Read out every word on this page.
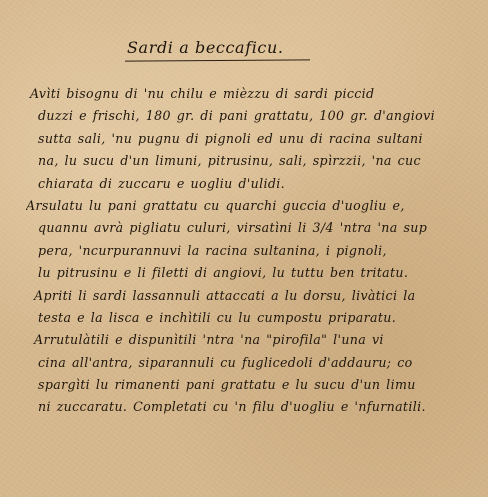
Sardi a beccaficu.
Avìti bisognu di 'nu chilu e mièzzu di sardi piccid
duzzi e frischi, 180 gr. di pani grattatu, 100 gr. d'angiovi
sutta sali, 'nu pugnu di pignoli ed unu di racina sultani
na, lu sucu d'un limuni, pitrusinu, sali, spìrzzii, 'na cuc
chiarata di zuccaru e uogliu d'ulidi.
Arsulatu lu pani grattatu cu quarchi guccia d'uogliu e,
quannu avrà pigliatu culuri, virsatìni li 3/4 'ntra 'na sup
pera, 'ncurpurannuvi la racina sultanina, i pignoli,
lu pitrusinu e li filetti di angiovi, lu tuttu ben tritatu.
Apriti li sardi lassannuli attaccati a lu dorsu, livàtici la
testa e la lisca e inchìtili cu lu cumpostu priparatu.
Arrutulàtili e dispunìtili 'ntra 'na "pirofila" l'una vi
cina all'antra, siparannuli cu fuglicedoli d'addauru; co
spargìti lu rimanenti pani grattatu e lu sucu d'un limu
ni zuccaratu. Completati cu 'n filu d'uogliu e 'nfurnatili.
